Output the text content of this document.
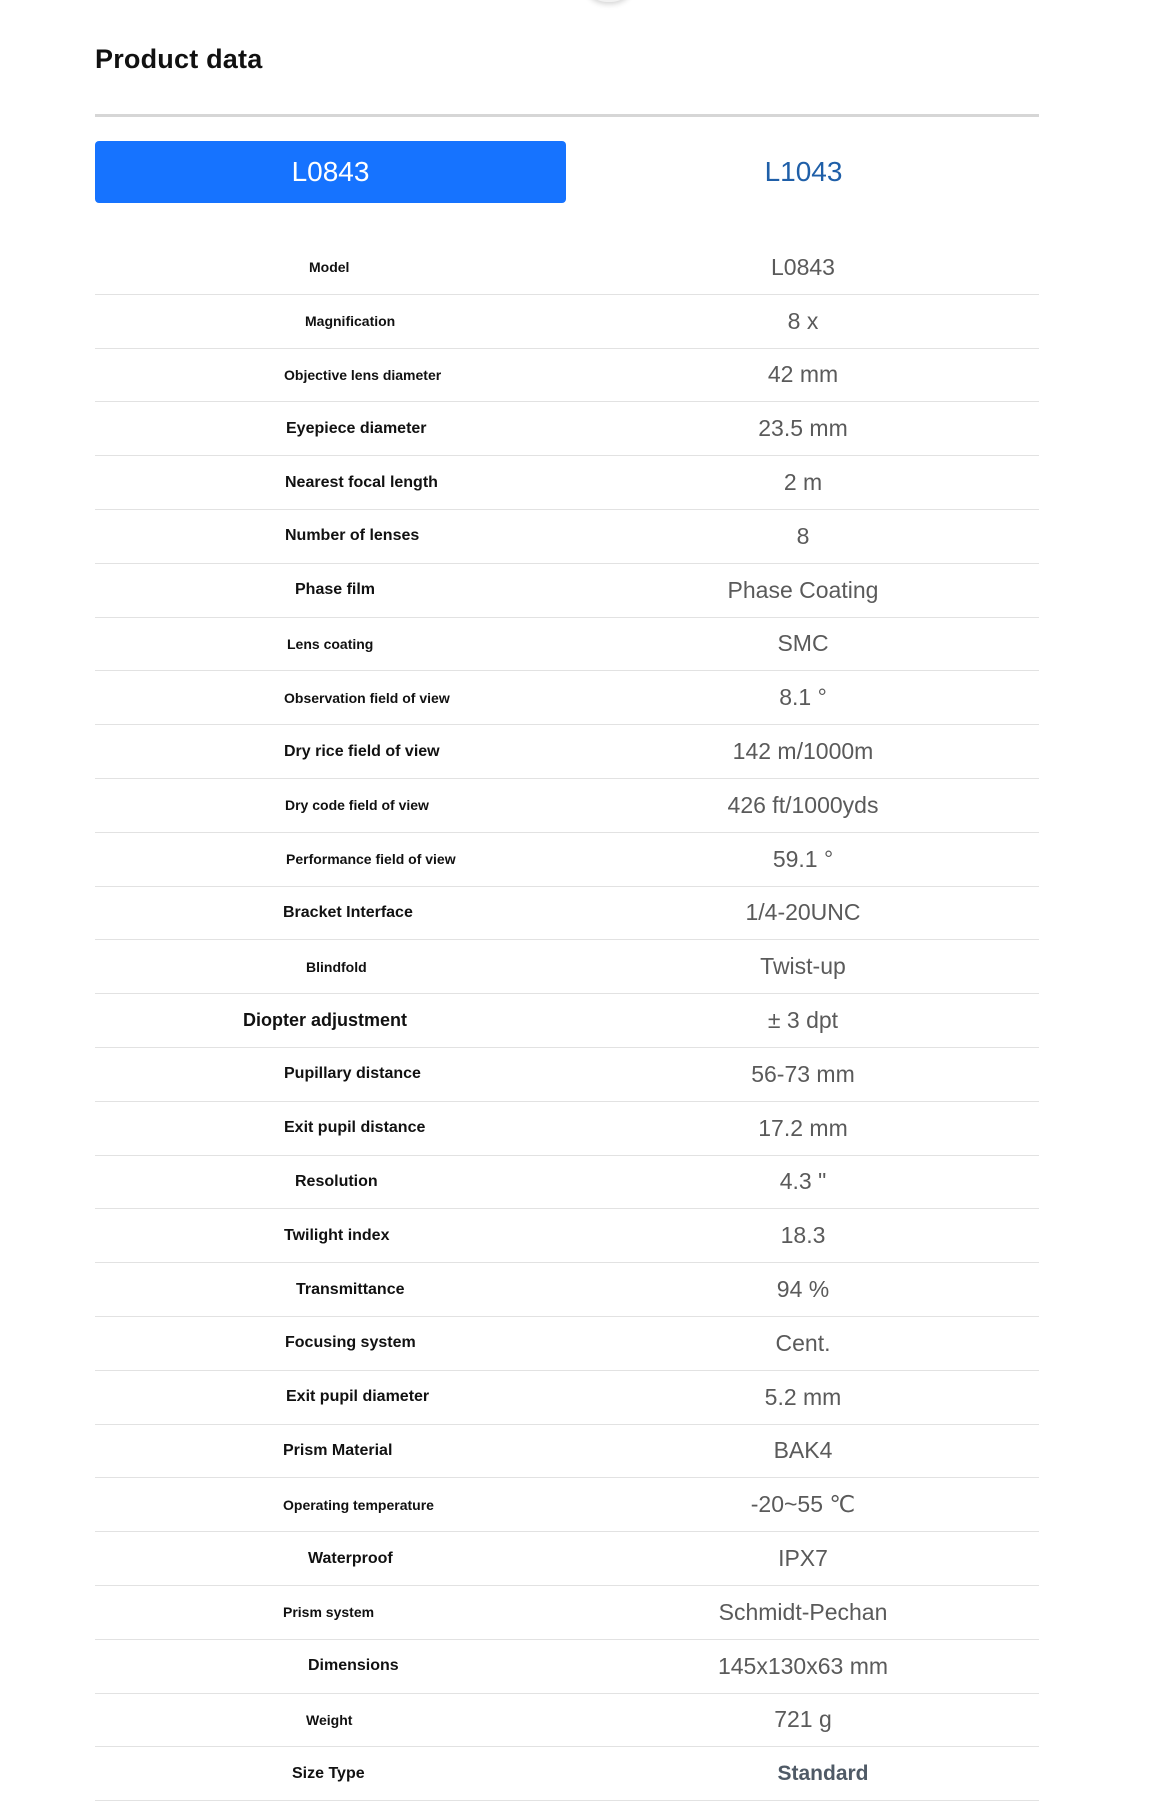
Product data
L0843	L1043
Model	L0843
Magnification	8 x
Objective lens diameter	42 mm
Eyepiece diameter	23.5 mm
Nearest focal length	2 m
Number of lenses	8
Phase film	Phase Coating
Lens coating	SMC
Observation field of view	8.1 °
Dry rice field of view	142 m/1000m
Dry code field of view	426 ft/1000yds
Performance field of view	59.1 °
Bracket Interface	1/4-20UNC
Blindfold	Twist-up
Diopter adjustment	± 3 dpt
Pupillary distance	56-73 mm
Exit pupil distance	17.2 mm
Resolution	4.3 "
Twilight index	18.3
Transmittance	94 %
Focusing system	Cent.
Exit pupil diameter	5.2 mm
Prism Material	BAK4
Operating temperature	-20~55 ℃
Waterproof	IPX7
Prism system	Schmidt-Pechan
Dimensions	145x130x63 mm
Weight	721 g
Size Type	Standard
